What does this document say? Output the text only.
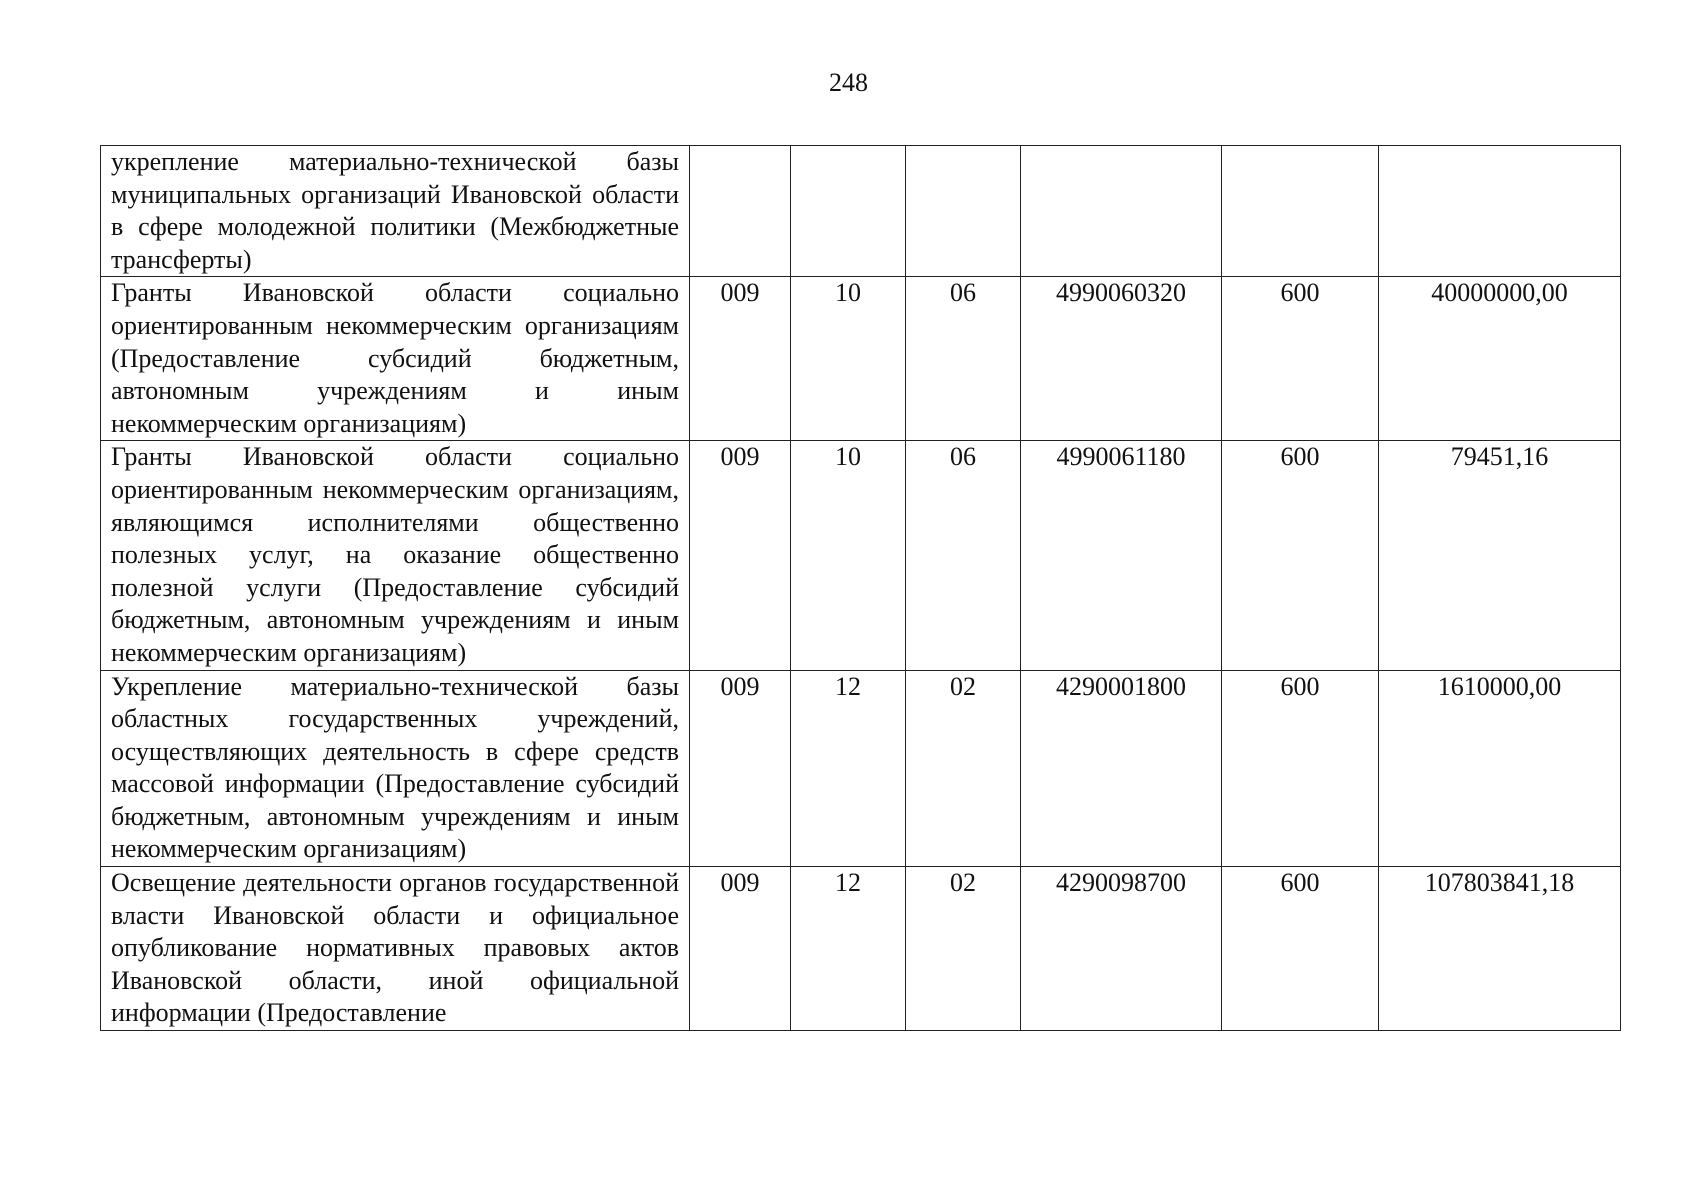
248
укрепление материально-технической базы муниципальных организаций Ивановской области в сфере молодежной политики (Межбюджетные трансферты)						
Гранты Ивановской области социально ориентированным некоммерческим организациям (Предоставление субсидий бюджетным, автономным учреждениям и иным некоммерческим организациям)	009	10	06	4990060320	600	40000000,00
Гранты Ивановской области социально ориентированным некоммерческим организациям, являющимся исполнителями общественно полезных услуг, на оказание общественно полезной услуги (Предоставление субсидий бюджетным, автономным учреждениям и иным некоммерческим организациям)	009	10	06	4990061180	600	79451,16
Укрепление материально-технической базы областных государственных учреждений, осуществляющих деятельность в сфере средств массовой информации (Предоставление субсидий бюджетным, автономным учреждениям и иным некоммерческим организациям)	009	12	02	4290001800	600	1610000,00
Освещение деятельности органов государственной власти Ивановской области и официальное опубликование нормативных правовых актов Ивановской области, иной официальной информации (Предоставление	009	12	02	4290098700	600	107803841,18
